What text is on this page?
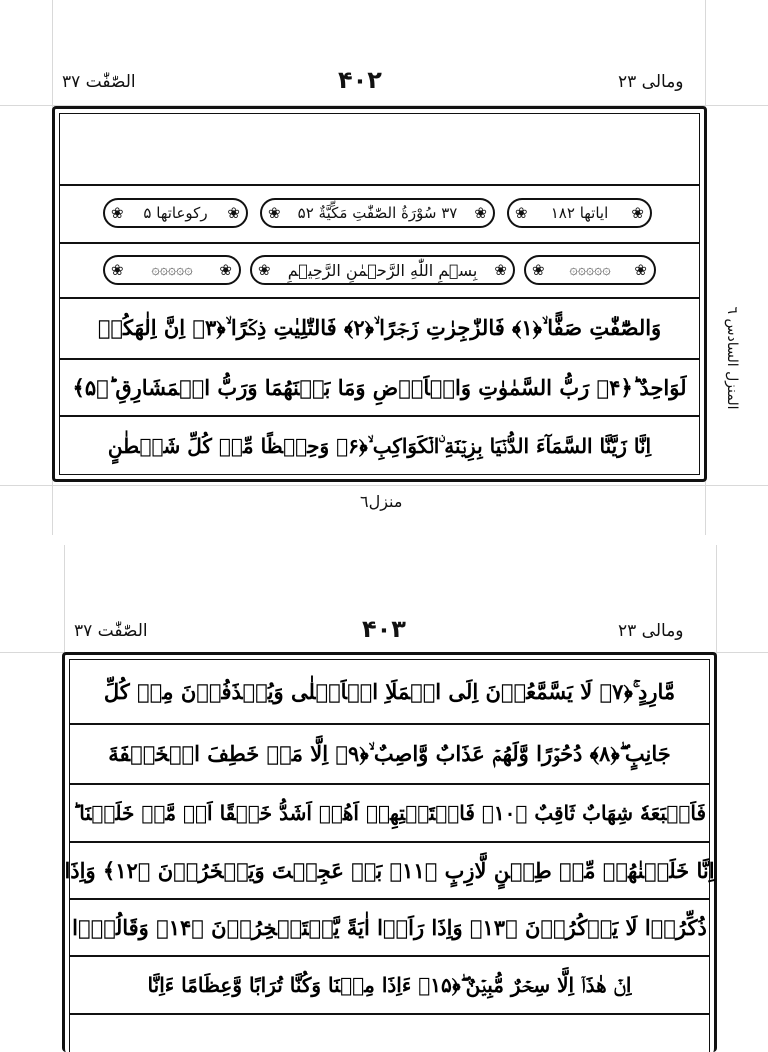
الصّٰفّٰت ۳۷	۴۰۲	ومالی ۲۳
❀ رکوعاتها ۵
❀	❀ ۳۷ سُوْرَةُ الصّٰفّٰتِ مَكِّيَّةٌ ۵۲
❀	❀ ایاتها ۱۸۲
❀
❀ ۞۞۞۞۞
❀	❀ بِسۡمِ اللّٰهِ الرَّحۡمٰنِ الرَّحِيۡمِ
❀	❀ ۞۞۞۞۞
❀
وَالصّٰٓفّٰتِ صَفًّا ۙ﴿۱﴾ فَالزّٰجِرٰتِ زَجۡرًا ۙ﴿۲﴾ فَالتّٰلِيٰتِ ذِكۡرًا ۙ﴿۳﴾ اِنَّ اِلٰهَكُمۡ
لَوَاحِدٌ ؕ﴿۴﴾ رَبُّ السَّمٰوٰتِ وَالۡاَرۡضِ وَمَا بَيۡنَهُمَا وَرَبُّ الۡمَشَارِقِ ؕ﴿۵﴾
اِنَّا زَيَّنَّا السَّمَآءَ الدُّنۡيَا بِزِيۡنَةِ ۨالۡكَوَاكِبِ ۙ﴿۶﴾ وَحِفۡظًا مِّنۡ كُلِّ شَيۡطٰنٍ
المنزل السادس ٦
منزل٦
الصّٰفّٰت ۳۷	۴۰۳	ومالی ۲۳
مَّارِدٍ ۚ﴿۷﴾ لَا يَسَّمَّعُوۡنَ اِلَى الۡمَلَاِ الۡاَعۡلٰى وَيُقۡذَفُوۡنَ مِنۡ كُلِّ
جَانِبٍ ۖ﴿۸﴾ دُحُوۡرًا وَّلَهُمۡ عَذَابٌ وَّاصِبٌ ۙ﴿۹﴾ اِلَّا مَنۡ خَطِفَ الۡخَطۡفَةَ
فَاَتۡبَعَهٗ شِهَابٌ ثَاقِبٌ ﴿۱۰﴾ فَاسۡتَفۡتِهِمۡ اَهُمۡ اَشَدُّ خَلۡقًا اَمۡ مَّنۡ خَلَقۡنَا ؕ
اِنَّا خَلَقۡنٰهُمۡ مِّنۡ طِيۡنٍ لَّازِبٍ ﴿۱۱﴾ بَلۡ عَجِبۡتَ وَيَسۡخَرُوۡنَ ﴿۱۲﴾ وَاِذَا
ذُكِّرُوۡا لَا يَذۡكُرُوۡنَ ﴿۱۳﴾ وَاِذَا رَاَوۡا اٰيَةً يَّسۡتَسۡخِرُوۡنَ ﴿۱۴﴾ وَقَالُوۡۤا
اِنۡ هٰذَاۤ اِلَّا سِحۡرٌ مُّبِيۡنٌ ۖ﴿۱۵﴾ ءَاِذَا مِتۡنَا وَكُنَّا تُرَابًا وَّعِظَامًا ءَاِنَّا
